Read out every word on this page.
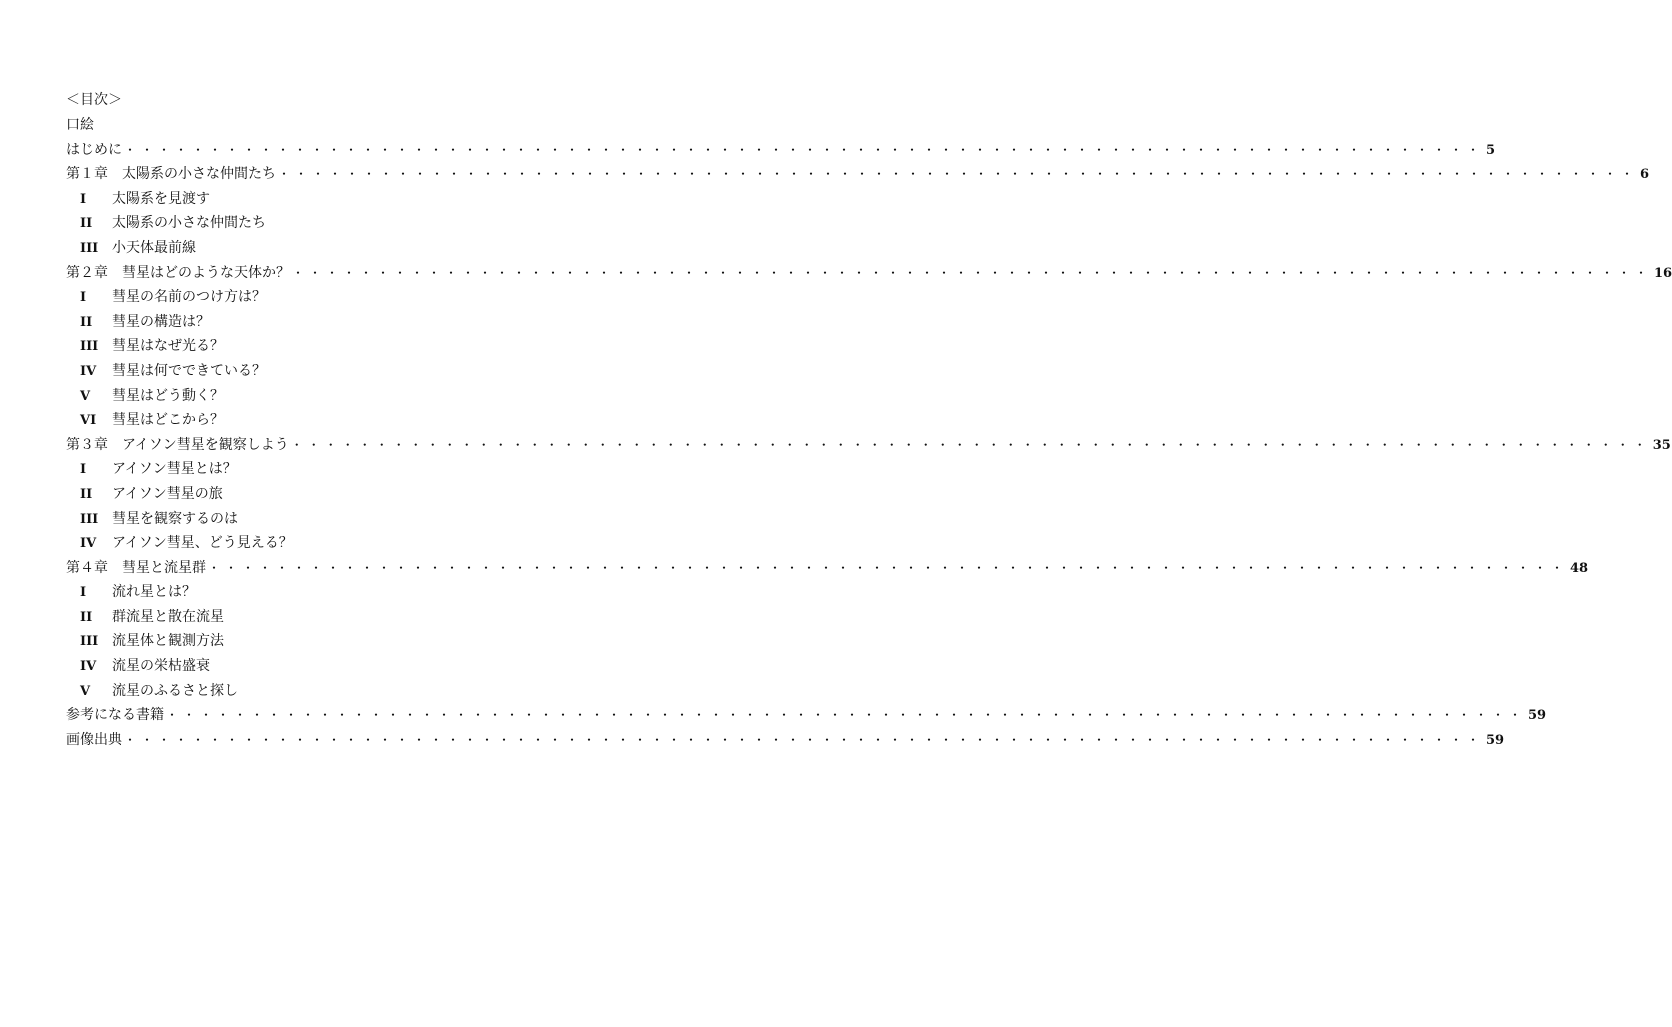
＜目次＞
口絵
はじめに ・・・・・・・・・・・・・・・・・・・・・・・・・・・・・・・・・・・・・・・・・・・・・・・・・・・・・・・・・・・・・・・・・・・・・・・・・・・・・・・・ 5
第１章　太陽系の小さな仲間たち ・・・・・・・・・・・・・・・・・・・・・・・・・・・・・・・・・・・・・・・・・・・・・・・・・・・・・・・・・・・・・・・・・・・・・・・・・・・・・・・・ 6
I	太陽系を見渡す
II	太陽系の小さな仲間たち
III 小天体最前線
第２章　彗星はどのような天体か？ ・・・・・・・・・・・・・・・・・・・・・・・・・・・・・・・・・・・・・・・・・・・・・・・・・・・・・・・・・・・・・・・・・・・・・・・・・・・・・・・・ 16
I	彗星の名前のつけ方は？
II	彗星の構造は？
III 彗星はなぜ光る？
IV	彗星は何でできている？
V	彗星はどう動く？
VI	彗星はどこから？
第３章　アイソン彗星を観察しよう ・・・・・・・・・・・・・・・・・・・・・・・・・・・・・・・・・・・・・・・・・・・・・・・・・・・・・・・・・・・・・・・・・・・・・・・・・・・・・・・・ 35
I	アイソン彗星とは？
II	アイソン彗星の旅
III 彗星を観察するのは
IV	アイソン彗星、どう見える？
第４章　彗星と流星群 ・・・・・・・・・・・・・・・・・・・・・・・・・・・・・・・・・・・・・・・・・・・・・・・・・・・・・・・・・・・・・・・・・・・・・・・・・・・・・・・・ 48
I	流れ星とは？
II	群流星と散在流星
III 流星体と観測方法
IV	流星の栄枯盛衰
V	流星のふるさと探し
参考になる書籍 ・・・・・・・・・・・・・・・・・・・・・・・・・・・・・・・・・・・・・・・・・・・・・・・・・・・・・・・・・・・・・・・・・・・・・・・・・・・・・・・・ 59
画像出典 ・・・・・・・・・・・・・・・・・・・・・・・・・・・・・・・・・・・・・・・・・・・・・・・・・・・・・・・・・・・・・・・・・・・・・・・・・・・・・・・・ 59
